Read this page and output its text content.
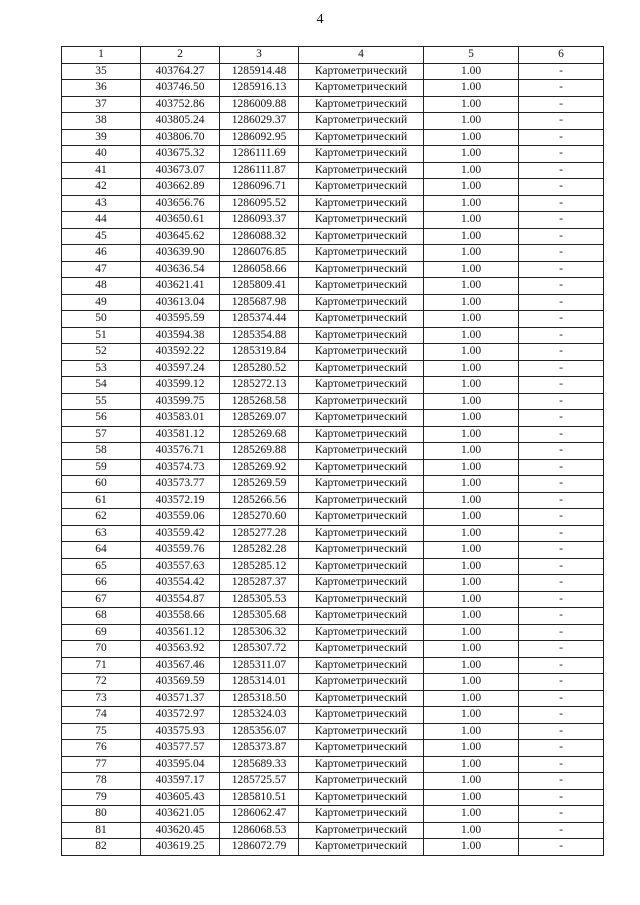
4
1	2	3	4	5	6
35	403764.27	1285914.48	Картометрический	1.00	-
36	403746.50	1285916.13	Картометрический	1.00	-
37	403752.86	1286009.88	Картометрический	1.00	-
38	403805.24	1286029.37	Картометрический	1.00	-
39	403806.70	1286092.95	Картометрический	1.00	-
40	403675.32	1286111.69	Картометрический	1.00	-
41	403673.07	1286111.87	Картометрический	1.00	-
42	403662.89	1286096.71	Картометрический	1.00	-
43	403656.76	1286095.52	Картометрический	1.00	-
44	403650.61	1286093.37	Картометрический	1.00	-
45	403645.62	1286088.32	Картометрический	1.00	-
46	403639.90	1286076.85	Картометрический	1.00	-
47	403636.54	1286058.66	Картометрический	1.00	-
48	403621.41	1285809.41	Картометрический	1.00	-
49	403613.04	1285687.98	Картометрический	1.00	-
50	403595.59	1285374.44	Картометрический	1.00	-
51	403594.38	1285354.88	Картометрический	1.00	-
52	403592.22	1285319.84	Картометрический	1.00	-
53	403597.24	1285280.52	Картометрический	1.00	-
54	403599.12	1285272.13	Картометрический	1.00	-
55	403599.75	1285268.58	Картометрический	1.00	-
56	403583.01	1285269.07	Картометрический	1.00	-
57	403581.12	1285269.68	Картометрический	1.00	-
58	403576.71	1285269.88	Картометрический	1.00	-
59	403574.73	1285269.92	Картометрический	1.00	-
60	403573.77	1285269.59	Картометрический	1.00	-
61	403572.19	1285266.56	Картометрический	1.00	-
62	403559.06	1285270.60	Картометрический	1.00	-
63	403559.42	1285277.28	Картометрический	1.00	-
64	403559.76	1285282.28	Картометрический	1.00	-
65	403557.63	1285285.12	Картометрический	1.00	-
66	403554.42	1285287.37	Картометрический	1.00	-
67	403554.87	1285305.53	Картометрический	1.00	-
68	403558.66	1285305.68	Картометрический	1.00	-
69	403561.12	1285306.32	Картометрический	1.00	-
70	403563.92	1285307.72	Картометрический	1.00	-
71	403567.46	1285311.07	Картометрический	1.00	-
72	403569.59	1285314.01	Картометрический	1.00	-
73	403571.37	1285318.50	Картометрический	1.00	-
74	403572.97	1285324.03	Картометрический	1.00	-
75	403575.93	1285356.07	Картометрический	1.00	-
76	403577.57	1285373.87	Картометрический	1.00	-
77	403595.04	1285689.33	Картометрический	1.00	-
78	403597.17	1285725.57	Картометрический	1.00	-
79	403605.43	1285810.51	Картометрический	1.00	-
80	403621.05	1286062.47	Картометрический	1.00	-
81	403620.45	1286068.53	Картометрический	1.00	-
82	403619.25	1286072.79	Картометрический	1.00	-
